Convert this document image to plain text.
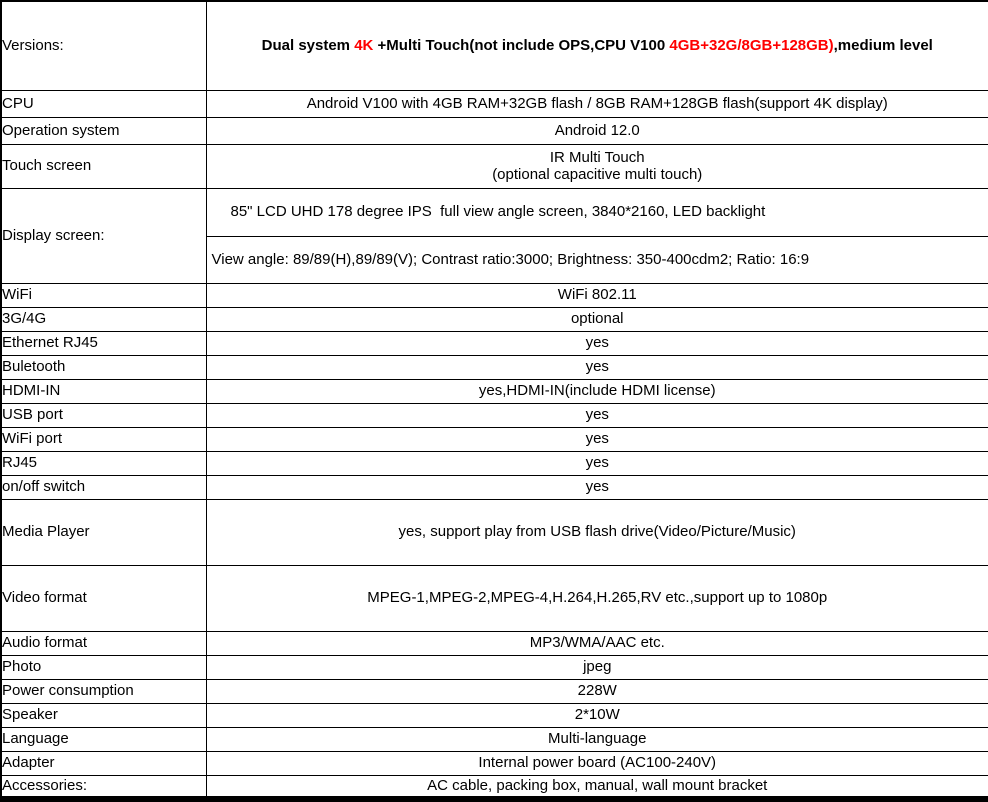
Versions:	Dual system 4K +Multi Touch(not include OPS,CPU V100 4GB+32G/8GB+128GB),medium level
CPU	Android V100 with 4GB RAM+32GB flash / 8GB RAM+128GB flash(support 4K display)
Operation system	Android 12.0
Touch screen	IR Multi Touch
(optional capacitive multi touch)
Display screen:	85" LCD UHD 178 degree IPS  full view angle screen, 3840*2160, LED backlight
	View angle: 89/89(H),89/89(V); Contrast ratio:3000; Brightness: 350-400cdm2; Ratio: 16:9
WiFi	WiFi 802.11
3G/4G	optional
Ethernet RJ45	yes
Buletooth	yes
HDMI-IN	yes,HDMI-IN(include HDMI license)
USB port	yes
WiFi port	yes
RJ45	yes
on/off switch	yes
Media Player	yes, support play from USB flash drive(Video/Picture/Music)
Video format	MPEG-1,MPEG-2,MPEG-4,H.264,H.265,RV etc.,support up to 1080p
Audio format	MP3/WMA/AAC etc.
Photo	jpeg
Power consumption	228W
Speaker	2*10W
Language	Multi-language
Adapter	Internal power board (AC100-240V)
Accessories:	AC cable, packing box, manual, wall mount bracket
